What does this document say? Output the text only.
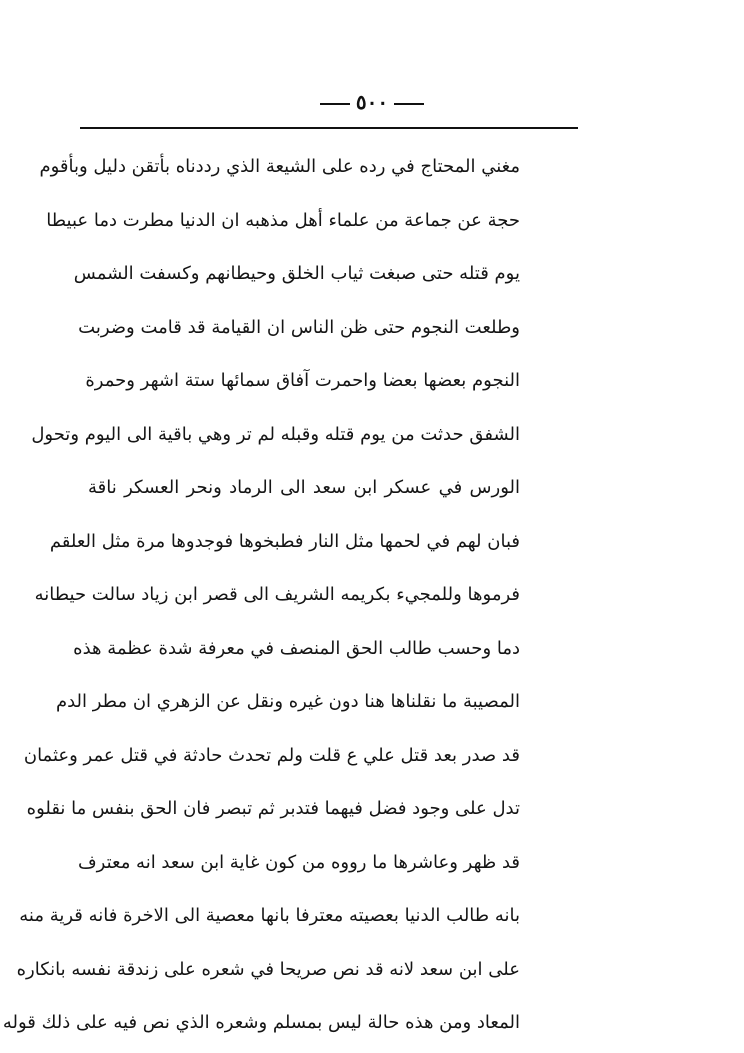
٥٠٠
مغني المحتاج في رده على الشيعة الذي رددناه بأتقن دليل وبأقوم
حجة عن جماعة من علماء أهل مذهبه ان الدنيا مطرت دما عبيطا
يوم قتله حتى صبغت ثياب الخلق وحيطانهم وكسفت الشمس
وطلعت النجوم حتى ظن الناس ان القيامة قد قامت وضربت
النجوم بعضها بعضا واحمرت آفاق سمائها ستة اشهر وحمرة
الشفق حدثت من يوم قتله وقبله لم تر وهي باقية الى اليوم وتحول
الورس في عسكر ابن سعد الى الرماد ونحر العسكر ناقة
فبان لهم في لحمها مثل النار فطبخوها فوجدوها مرة مثل العلقم
فرموها وللمجيء بكريمه الشريف الى قصر ابن زياد سالت حيطانه
دما وحسب طالب الحق المنصف في معرفة شدة عظمة هذه
المصيبة ما نقلناها هنا دون غيره ونقل عن الزهري ان مطر الدم
قد صدر بعد قتل علي ع قلت ولم تحدث حادثة في قتل عمر وعثمان
تدل على وجود فضل فيهما فتدبر ثم تبصر فان الحق بنفس ما نقلوه
قد ظهر وعاشرها ما رووه من كون غاية ابن سعد انه معترف
بانه طالب الدنيا بعصيته معترفا بانها معصية الى الاخرة فانه قرية منه
على ابن سعد لانه قد نص صريحا في شعره على زندقة نفسه بانكاره
المعاد ومن هذه حالة ليس بمسلم وشعره الذي نص فيه على ذلك قوله
